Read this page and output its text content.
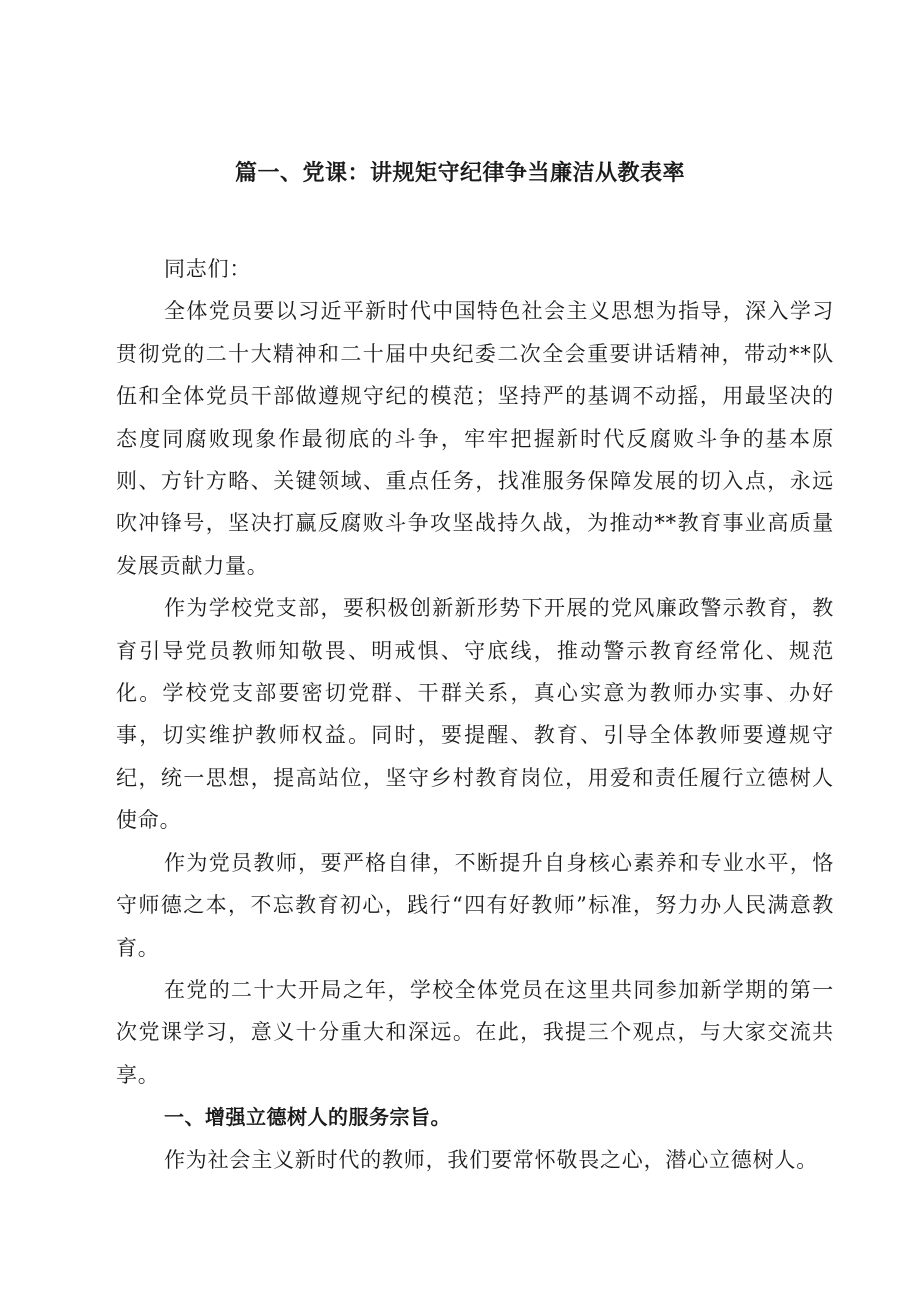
篇一、党课：讲规矩守纪律争当廉洁从教表率

同志们：

全体党员要以习近平新时代中国特色社会主义思想为指导，深入学习贯彻党的二十大精神和二十届中央纪委二次全会重要讲话精神，带动**队伍和全体党员干部做遵规守纪的模范；坚持严的基调不动摇，用最坚决的态度同腐败现象作最彻底的斗争，牢牢把握新时代反腐败斗争的基本原则、方针方略、关键领域、重点任务，找准服务保障发展的切入点，永远吹冲锋号，坚决打赢反腐败斗争攻坚战持久战，为推动**教育事业高质量发展贡献力量。

作为学校党支部，要积极创新新形势下开展的党风廉政警示教育，教育引导党员教师知敬畏、明戒惧、守底线，推动警示教育经常化、规范化。学校党支部要密切党群、干群关系，真心实意为教师办实事、办好事，切实维护教师权益。同时，要提醒、教育、引导全体教师要遵规守纪，统一思想，提高站位，坚守乡村教育岗位，用爱和责任履行立德树人使命。

作为党员教师，要严格自律，不断提升自身核心素养和专业水平，恪守师德之本，不忘教育初心，践行“四有好教师”标准，努力办人民满意教育。

在党的二十大开局之年，学校全体党员在这里共同参加新学期的第一次党课学习，意义十分重大和深远。在此，我提三个观点，与大家交流共享。

一、增强立德树人的服务宗旨。

作为社会主义新时代的教师，我们要常怀敬畏之心，潜心立德树人。
